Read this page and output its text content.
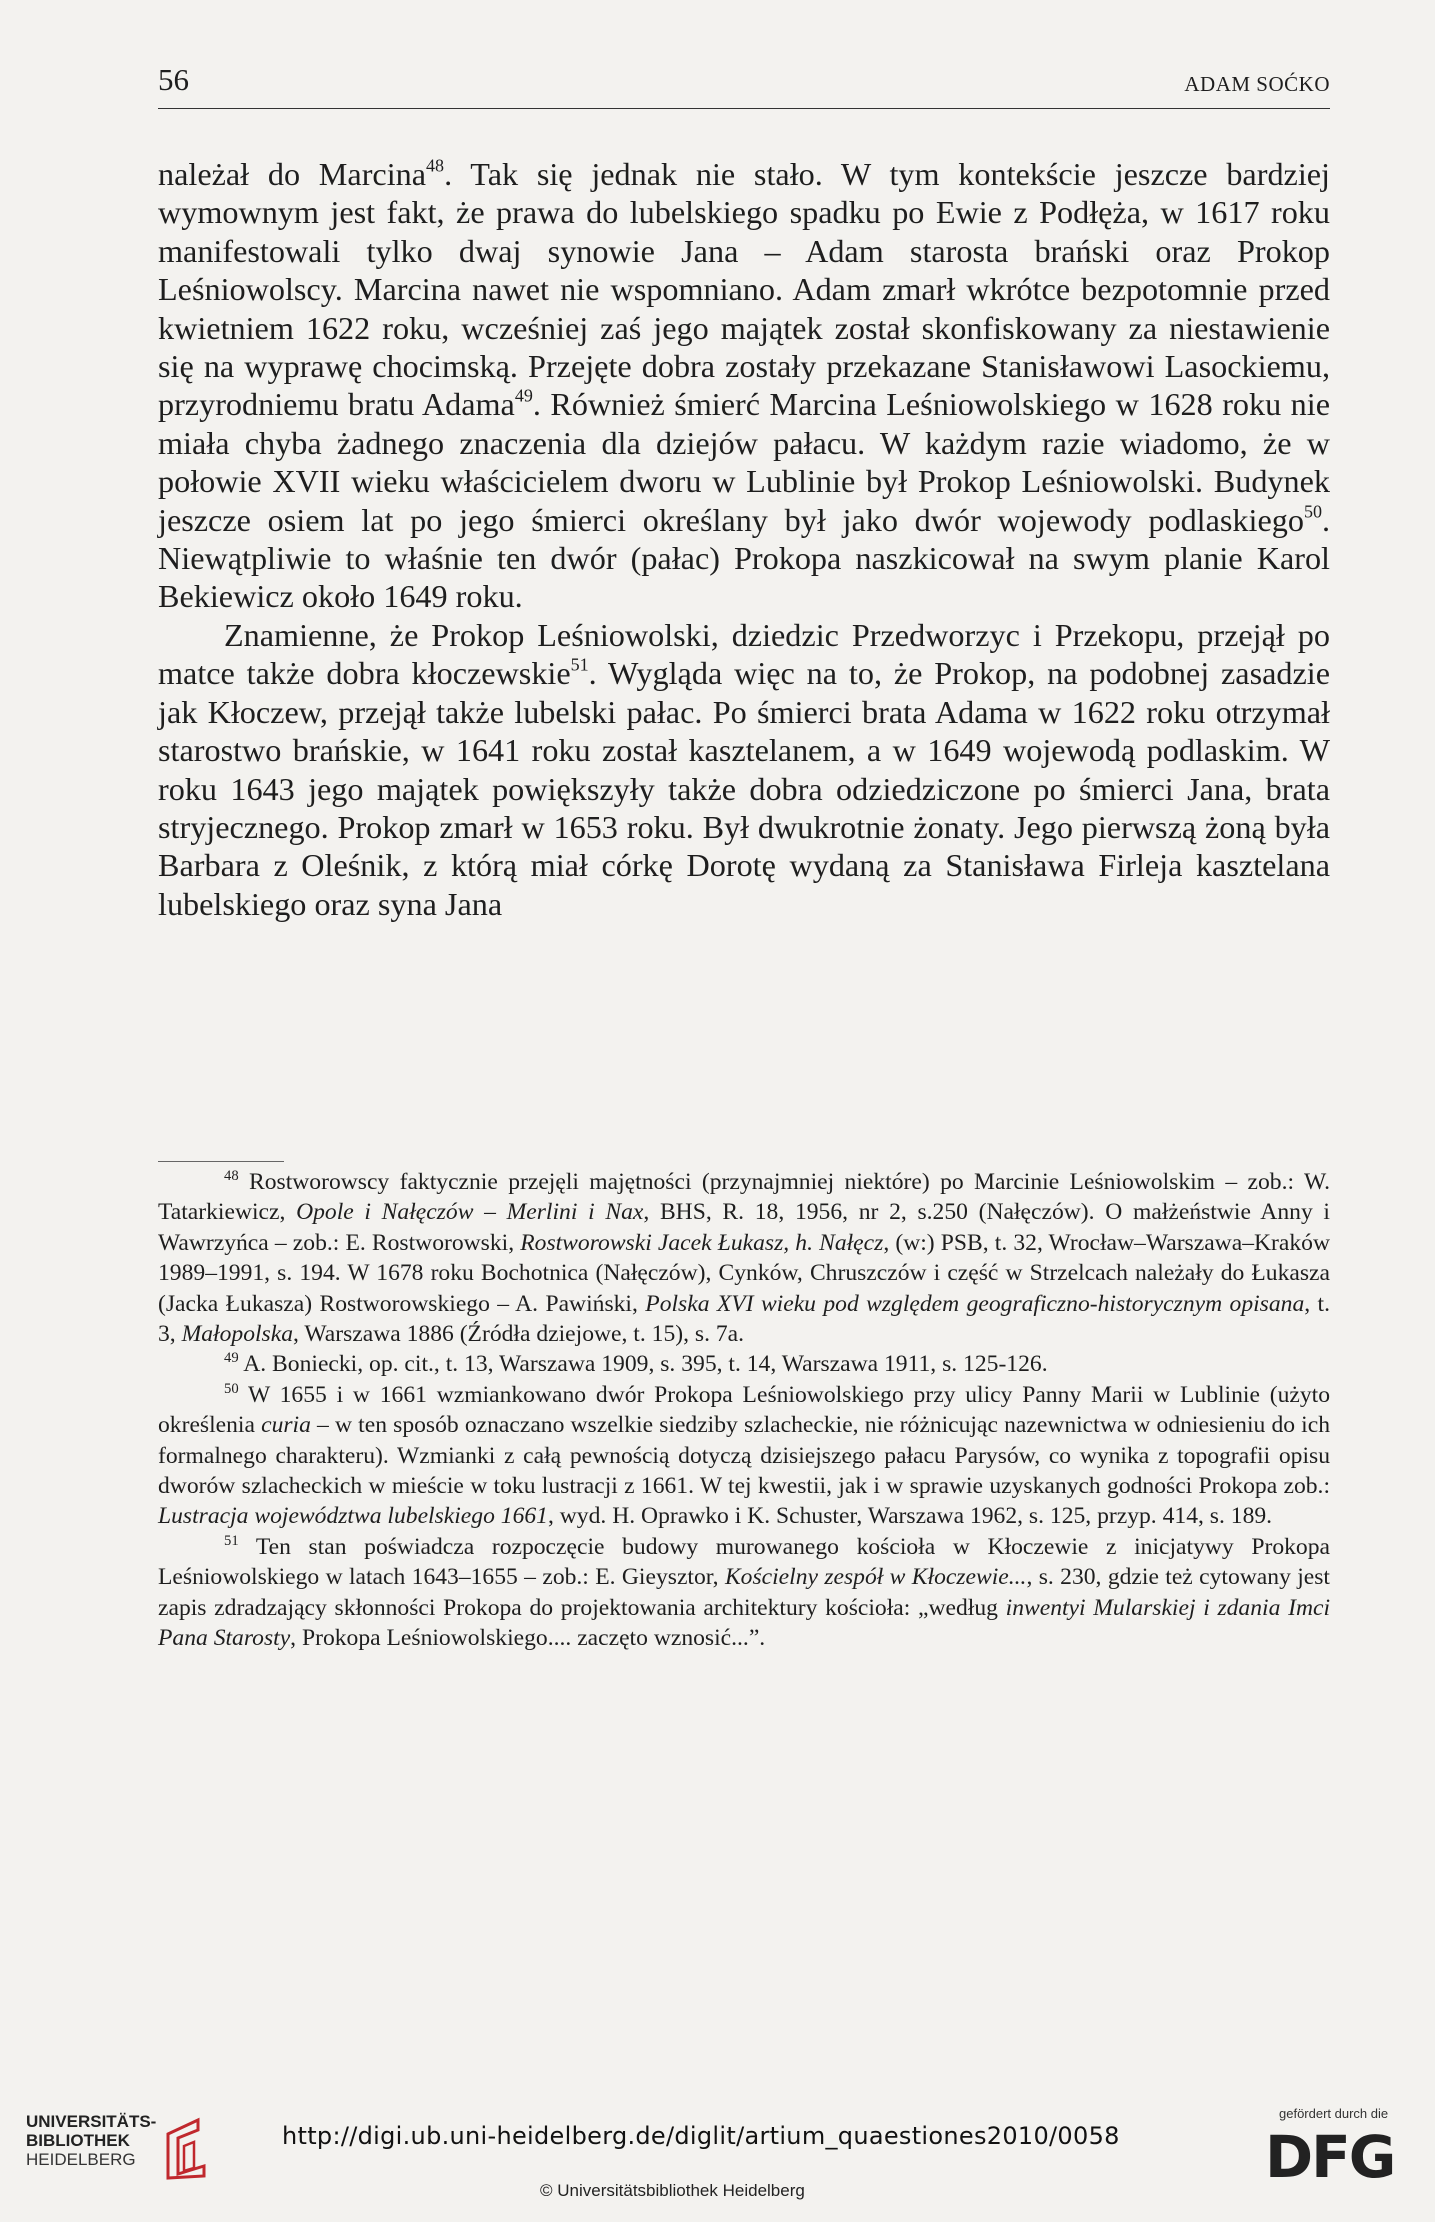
56	ADAM SOĆKO

należał do Marcina$^{48}$. Tak się jednak nie stało. W tym kontekście jeszcze bardziej wymownym jest fakt, że prawa do lubelskiego spadku po Ewie z Podłęża, w 1617 roku manifestowali tylko dwaj synowie Jana – Adam starosta brański oraz Prokop Leśniowolscy. Marcina nawet nie wspomniano. Adam zmarł wkrótce bezpotomnie przed kwietniem 1622 roku, wcześniej zaś jego majątek został skonfiskowany za niestawienie się na wyprawę chocimską. Przejęte dobra zostały przekazane Stanisławowi Lasockiemu, przyrodniemu bratu Adama$^{49}$. Również śmierć Marcina Leśniowolskiego w 1628 roku nie miała chyba żadnego znaczenia dla dziejów pałacu. W każdym razie wiadomo, że w połowie XVII wieku właścicielem dworu w Lublinie był Prokop Leśniowolski. Budynek jeszcze osiem lat po jego śmierci określany był jako dwór wojewody podlaskiego$^{50}$. Niewątpliwie to właśnie ten dwór (pałac) Prokopa naszkicował na swym planie Karol Bekiewicz około 1649 roku.

Znamienne, że Prokop Leśniowolski, dziedzic Przedworzyc i Przekopu, przejął po matce także dobra kłoczewskie$^{51}$. Wygląda więc na to, że Prokop, na podobnej zasadzie jak Kłoczew, przejął także lubelski pałac. Po śmierci brata Adama w 1622 roku otrzymał starostwo brańskie, w 1641 roku został kasztelanem, a w 1649 wojewodą podlaskim. W roku 1643 jego majątek powiększyły także dobra odziedziczone po śmierci Jana, brata stryjecznego. Prokop zmarł w 1653 roku. Był dwukrotnie żonaty. Jego pierwszą żoną była Barbara z Oleśnik, z którą miał córkę Dorotę wydaną za Stanisława Firleja kasztelana lubelskiego oraz syna Jana

$^{48}$ Rostworowscy faktycznie przejęli majętności (przynajmniej niektóre) po Marcinie Leśniowolskim – zob.: W. Tatarkiewicz, Opole i Nałęczów – Merlini i Nax, BHS, R. 18, 1956, nr 2, s.250 (Nałęczów). O małżeństwie Anny i Wawrzyńca – zob.: E. Rostworowski, Rostworowski Jacek Łukasz, h. Nałęcz, (w:) PSB, t. 32, Wrocław–Warszawa–Kraków 1989–1991, s. 194. W 1678 roku Bochotnica (Nałęczów), Cynków, Chruszczów i część w Strzelcach należały do Łukasza (Jacka Łukasza) Rostworowskiego – A. Pawiński, Polska XVI wieku pod względem geograficzno-historycznym opisana, t. 3, Małopolska, Warszawa 1886 (Źródła dziejowe, t. 15), s. 7a.

$^{49}$ A. Boniecki, op. cit., t. 13, Warszawa 1909, s. 395, t. 14, Warszawa 1911, s. 125-126.

$^{50}$ W 1655 i w 1661 wzmiankowano dwór Prokopa Leśniowolskiego przy ulicy Panny Marii w Lublinie (użyto określenia curia – w ten sposób oznaczano wszelkie siedziby szlacheckie, nie różnicując nazewnictwa w odniesieniu do ich formalnego charakteru). Wzmianki z całą pewnością dotyczą dzisiejszego pałacu Parysów, co wynika z topografii opisu dworów szlacheckich w mieście w toku lustracji z 1661. W tej kwestii, jak i w sprawie uzyskanych godności Prokopa zob.: Lustracja województwa lubelskiego 1661, wyd. H. Oprawko i K. Schuster, Warszawa 1962, s. 125, przyp. 414, s. 189.

$^{51}$ Ten stan poświadcza rozpoczęcie budowy murowanego kościoła w Kłoczewie z inicjatywy Prokopa Leśniowolskiego w latach 1643–1655 – zob.: E. Gieysztor, Kościelny zespół w Kłoczewie..., s. 230, gdzie też cytowany jest zapis zdradzający skłonności Prokopa do projektowania architektury kościoła: „według inwentyi Mularskiej i zdania Imci Pana Starosty, Prokopa Leśniowolskiego.... zaczęto wznosić...”.

UNIVERSITÄTS-
BIBLIOTHEK
HEIDELBERG
http://digi.ub.uni-heidelberg.de/diglit/artium_quaestiones2010/0058
© Universitätsbibliothek Heidelberg
gefördert durch die
DFG
